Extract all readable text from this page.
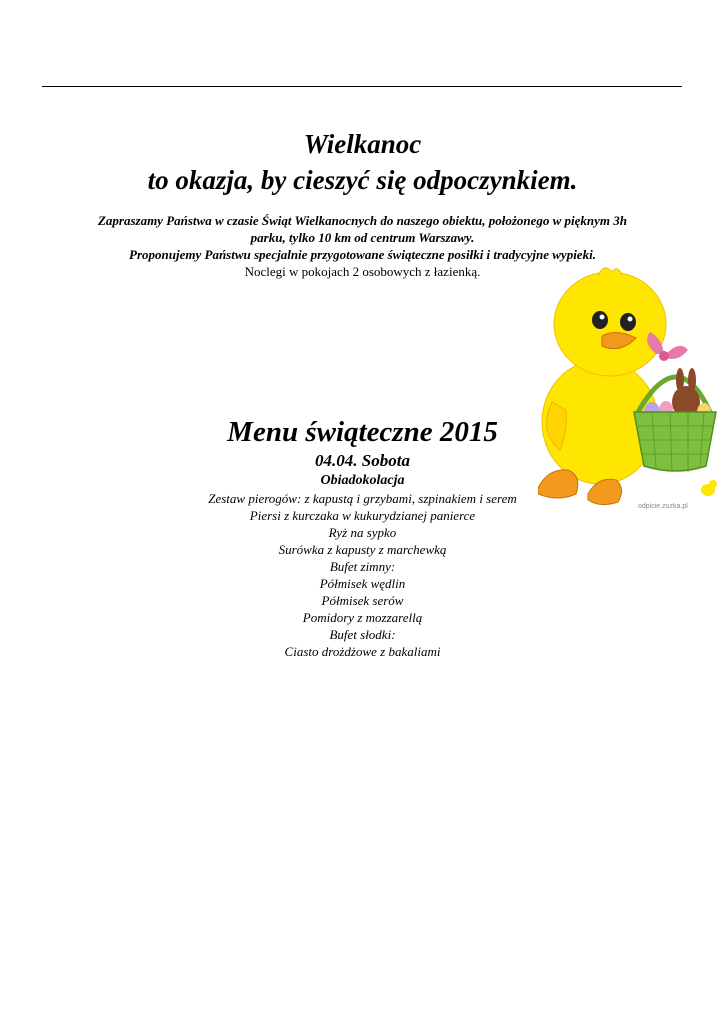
Wielkanoc
to okazja, by cieszyć się odpoczynkiem.
Zapraszamy Państwa w czasie Świąt Wielkanocnych do naszego obiektu, położonego w pięknym 3h
parku, tylko 10 km od centrum Warszawy.
Proponujemy Państwu specjalnie przygotowane świąteczne posiłki i tradycyjne wypieki.
Noclegi w pokojach 2 osobowych z łazienką.
odpicie.zuzka.pl
Menu świąteczne 2015
04.04. Sobota
Obiadokolacja
Zestaw pierogów: z kapustą i grzybami, szpinakiem i serem
Piersi z kurczaka w kukurydzianej panierce
Ryż na sypko
Surówka z kapusty z marchewką
Bufet zimny:
Półmisek wędlin
Półmisek serów
Pomidory z mozzarellą
Bufet słodki:
Ciasto drożdżowe z bakaliami
